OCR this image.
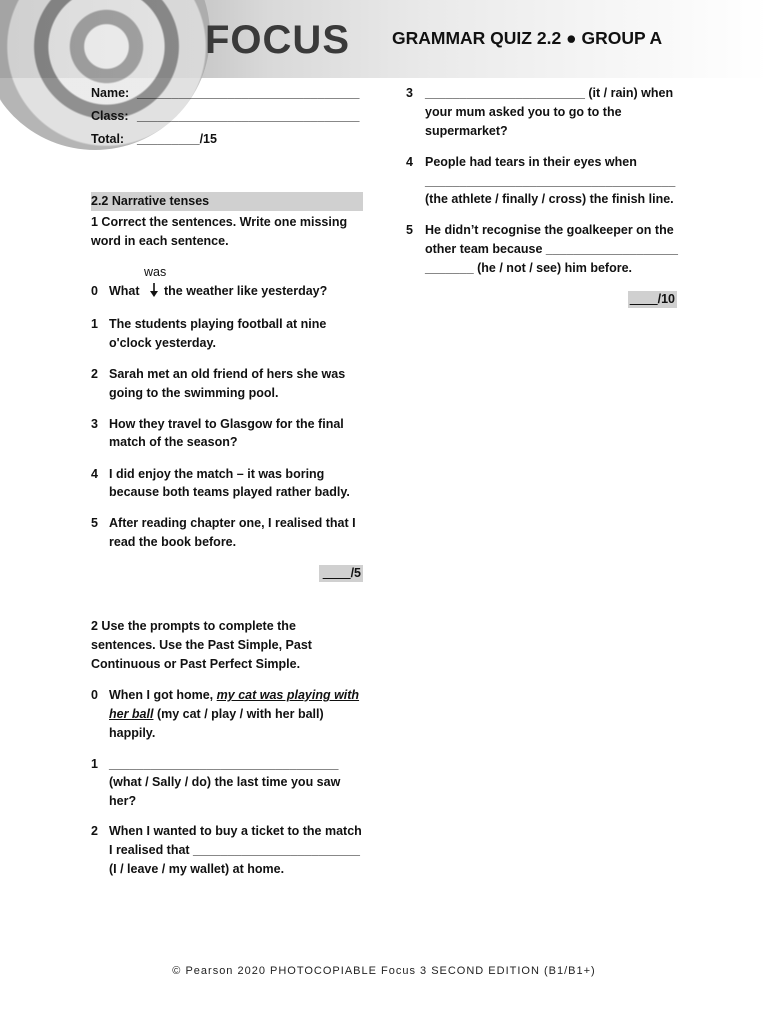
FOCUS GRAMMAR QUIZ 2.2 ● GROUP A
Name: ________________________________
Class: ________________________________
Total: _________/15
2.2 Narrative tenses
1 Correct the sentences. Write one missing
word in each sentence.
was
0 What the weather like yesterday?
1 The students playing football at nine
o'clock yesterday.
2 Sarah met an old friend of hers she was
going to the swimming pool.
3 How they travel to Glasgow for the final
match of the season?
4 I did enjoy the match – it was boring
because both teams played rather badly.
5 After reading chapter one, I realised that I
read the book before.
____/5
2 Use the prompts to complete the
sentences. Use the Past Simple, Past
Continuous or Past Perfect Simple.
0 When I got home, my cat was playing with
her ball (my cat / play / with her ball)
happily.
1 _________________________________
(what / Sally / do) the last time you saw
her?
2 When I wanted to buy a ticket to the match
I realised that ________________________
(I / leave / my wallet) at home.
3 _______________________ (it / rain) when
your mum asked you to go to the
supermarket?
4 People had tears in their eyes when
____________________________________
(the athlete / finally / cross) the finish line.
5 He didn’t recognise the goalkeeper on the
other team because ___________________
_______ (he / not / see) him before.
____/10
© Pearson 2020 PHOTOCOPIABLE Focus 3 SECOND EDITION (B1/B1+)
